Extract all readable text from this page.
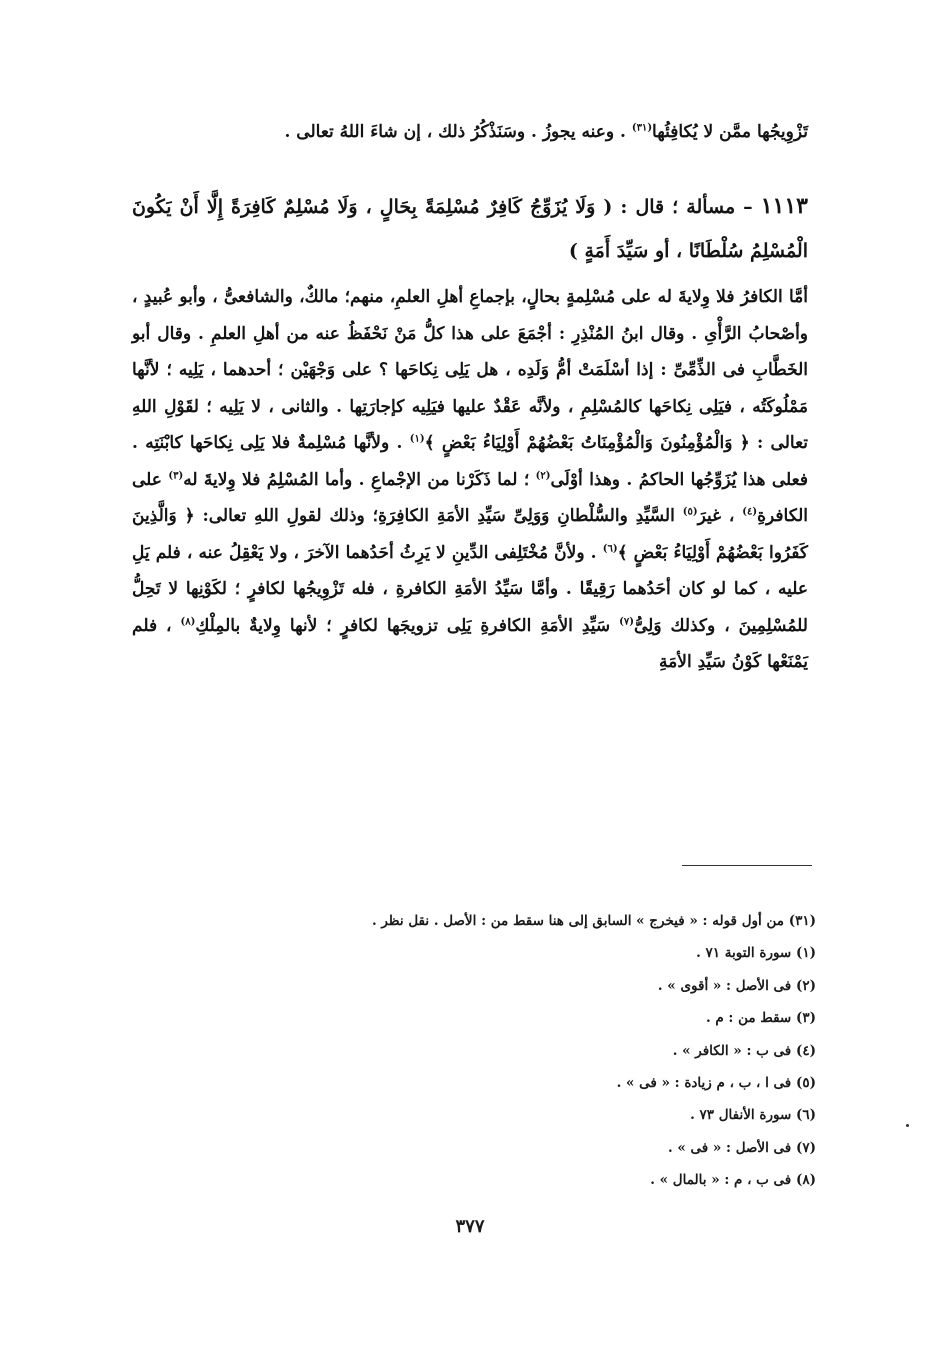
تَزْوِيجُها ممَّن لا يُكافِئُها$^{(٣١)}$ . وعنه يجوزُ . وسَنَذْكُرُ ذلك ، إن شاءَ اللهُ تعالى .
١١١٣ – مسألة ؛ قال : ( وَلَا يُزَوِّجُ كَافِرٌ مُسْلِمَةً بِحَالٍ ، وَلَا مُسْلِمٌ كَافِرَةً إِلَّا أَنْ يَكُونَ الْمُسْلِمُ سُلْطَانًا ، أو سَيِّدَ أَمَةٍ )
أمَّا الكافرُ فلا وِلايةَ له على مُسْلِمةٍ بحالٍ، بإجماعِ أهلِ العلمِ، منهم؛ مالكٌ، والشافعىُّ ، وأبو عُبيدٍ ، وأصْحابُ الرَّأْىِ . وقال ابنُ المُنْذِرِ : أجْمَعَ على هذا كلُّ مَنْ نَحْفَظُ عنه من أهلِ العلمِ . وقال أبو الخَطَّابِ فى الذِّمِّىِّ : إذا أسْلَمَتْ أمُّ وَلَدِه ، هل يَلِى نِكاحَها ؟ على وَجْهَيْن ؛ أحدهما ، يَلِيه ؛ لأنَّها مَمْلُوكَتُه ، فيَلِى نِكاحَها كالمُسْلِمِ ، ولأنَّه عَقْدٌ عليها فيَلِيه كإجارَتِها . والثانى ، لا يَلِيه ؛ لقَوْلِ اللهِ تعالى : ﴿ وَالْمُؤْمِنُونَ وَالْمُؤْمِنَاتُ بَعْضُهُمْ أَوْلِيَاءُ بَعْضٍ ﴾$^{(١)}$ . ولأنَّها مُسْلِمةٌ فلا يَلِى نِكاحَها كابْنَتِه . فعلى هذا يُزَوِّجُها الحاكمُ . وهذا أوْلَى$^{(٢)}$ ؛ لما ذَكَرْنا من الإجْماعِ . وأما المُسْلِمُ فلا وِلايةَ له$^{(٣)}$ على الكافرةِ$^{(٤)}$ ، غيرَ$^{(٥)}$ السَّيِّدِ والسُّلْطانِ وَوَلِىِّ سَيِّدِ الأمَةِ الكافِرَةِ؛ وذلك لقولِ اللهِ تعالى: ﴿ وَالَّذِينَ كَفَرُوا بَعْضُهُمْ أَوْلِيَاءُ بَعْضٍ ﴾$^{(٦)}$ . ولأنَّ مُخْتَلِفى الدِّينِ لا يَرِثُ أحَدُهما الآخرَ ، ولا يَعْقِلُ عنه ، فلم يَلِ عليه ، كما لو كان أحَدُهما رَقِيقًا . وأمَّا سَيِّدُ الأمَةِ الكافرةِ ، فله تَزْوِيجُها لكافرٍ ؛ لكَوْنِها لا تَحِلُّ للمُسْلِمِينَ ، وكذلك وَلِىُّ$^{(٧)}$ سَيِّدِ الأمَةِ الكافرةِ يَلِى تزويجَها لكافرٍ ؛ لأنها وِلايةٌ بالمِلْكِ$^{(٨)}$ ، فلم يَمْنَعْها كَوْنُ سَيِّدِ الأمَةِ
(٣١) من أول قوله : « فيخرج » السابق إلى هنا سقط من : الأصل . نقل نظر .
(١) سورة التوبة ٧١ .
(٢) فى الأصل : « أقوى » .
(٣) سقط من : م .
(٤) فى ب : « الكافر » .
(٥) فى ا ، ب ، م زيادة : « فى » .
(٦) سورة الأنفال ٧٣ .
(٧) فى الأصل : « فى » .
(٨) فى ب ، م : « بالمال » .
٣٧٧
